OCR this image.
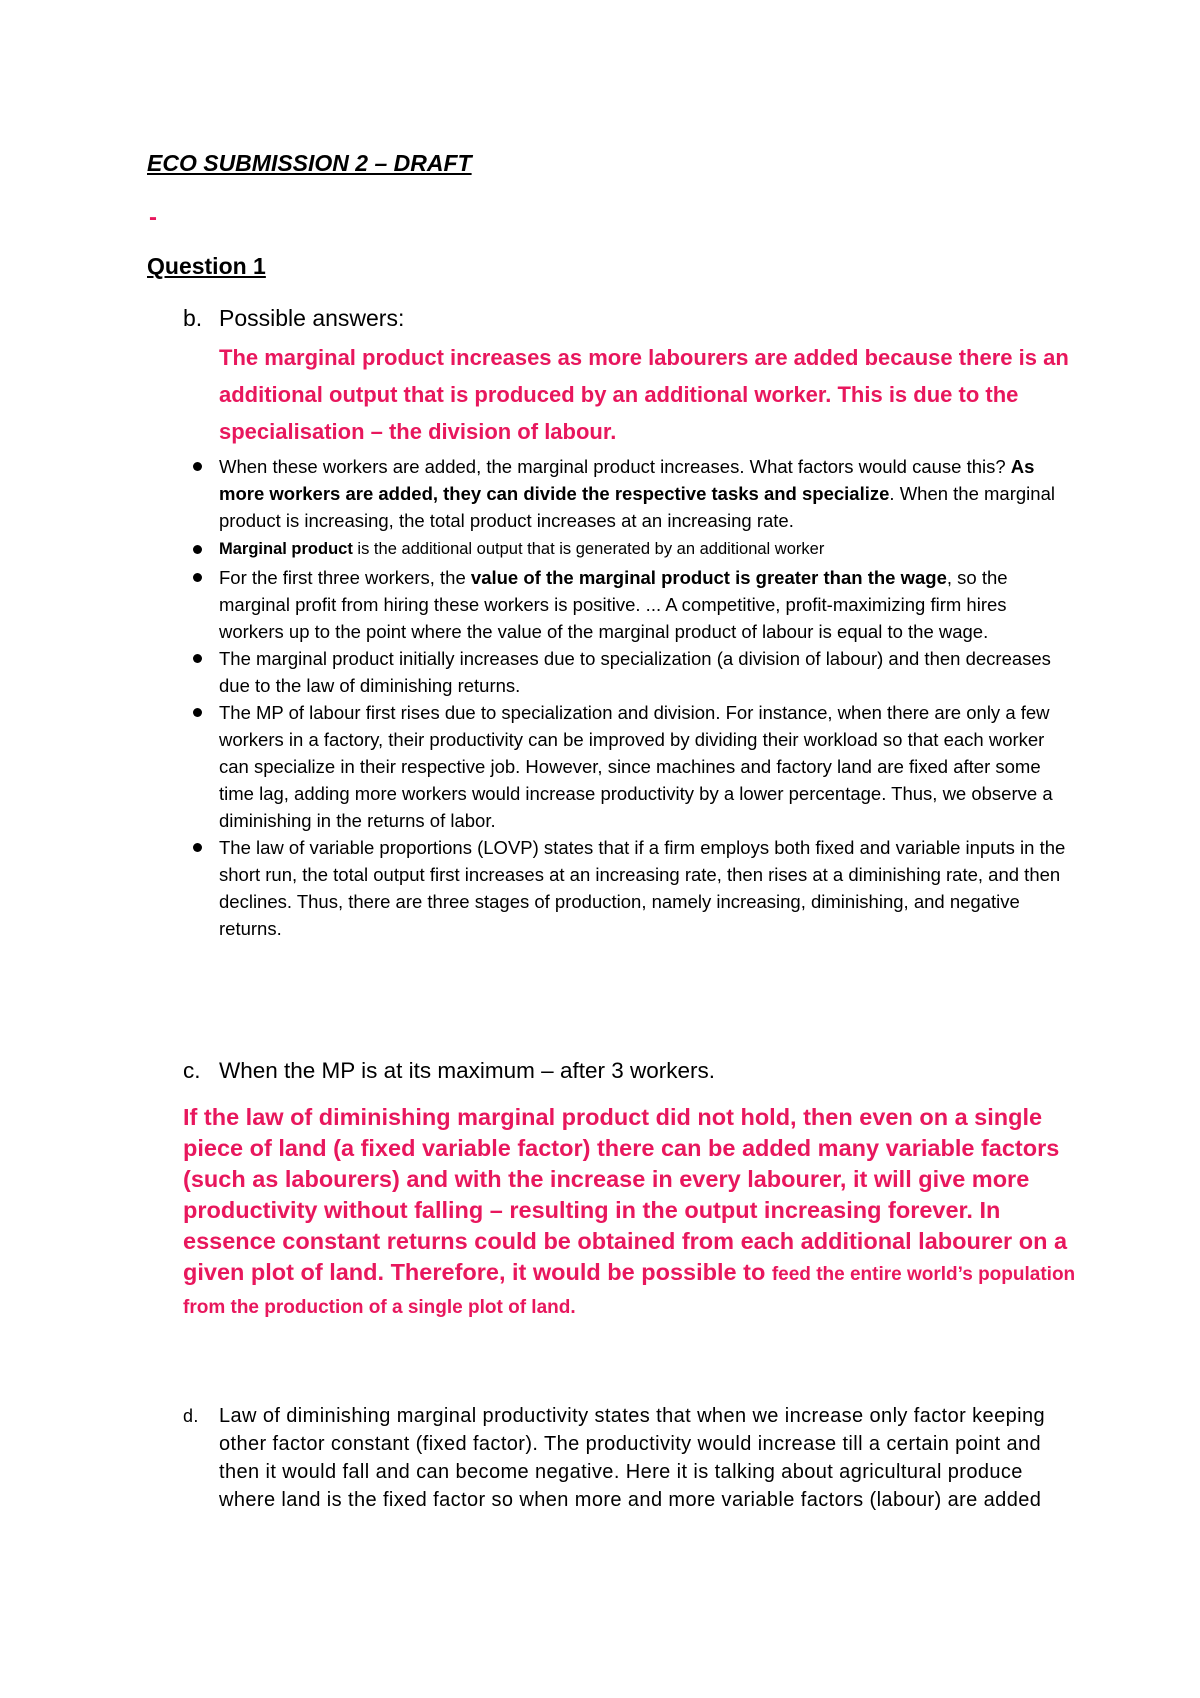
ECO SUBMISSION 2 – DRAFT
-
Question 1
b. Possible answers:
The marginal product increases as more labourers are added because there is an additional output that is produced by an additional worker. This is due to the specialisation – the division of labour.
When these workers are added, the marginal product increases. What factors would cause this? As more workers are added, they can divide the respective tasks and specialize. When the marginal product is increasing, the total product increases at an increasing rate.
Marginal product is the additional output that is generated by an additional worker
For the first three workers, the value of the marginal product is greater than the wage, so the marginal profit from hiring these workers is positive. ... A competitive, profit-maximizing firm hires workers up to the point where the value of the marginal product of labour is equal to the wage.
The marginal product initially increases due to specialization (a division of labour) and then decreases due to the law of diminishing returns.
The MP of labour first rises due to specialization and division. For instance, when there are only a few workers in a factory, their productivity can be improved by dividing their workload so that each worker can specialize in their respective job. However, since machines and factory land are fixed after some time lag, adding more workers would increase productivity by a lower percentage. Thus, we observe a diminishing in the returns of labor.
The law of variable proportions (LOVP) states that if a firm employs both fixed and variable inputs in the short run, the total output first increases at an increasing rate, then rises at a diminishing rate, and then declines. Thus, there are three stages of production, namely increasing, diminishing, and negative returns.
c. When the MP is at its maximum – after 3 workers.
If the law of diminishing marginal product did not hold, then even on a single piece of land (a fixed variable factor) there can be added many variable factors (such as labourers) and with the increase in every labourer, it will give more productivity without falling – resulting in the output increasing forever. In essence constant returns could be obtained from each additional labourer on a given plot of land. Therefore, it would be possible to feed the entire world’s population from the production of a single plot of land.
d.	Law of diminishing marginal productivity states that when we increase only factor keeping other factor constant (fixed factor). The productivity would increase till a certain point and then it would fall and can become negative. Here it is talking about agricultural produce where land is the fixed factor so when more and more variable factors (labour) are added
